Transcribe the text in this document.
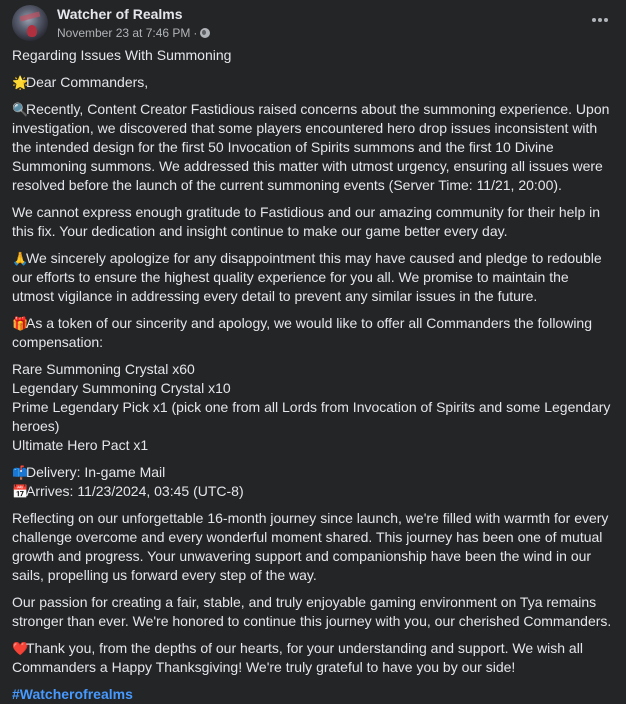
Watcher of Realms
November 23 at 7:46 PM ·

Regarding Issues With Summoning

🌟Dear Commanders,

🔍Recently, Content Creator Fastidious raised concerns about the summoning experience. Upon investigation, we discovered that some players encountered hero drop issues inconsistent with the intended design for the first 50 Invocation of Spirits summons and the first 10 Divine Summoning summons. We addressed this matter with utmost urgency, ensuring all issues were resolved before the launch of the current summoning events (Server Time: 11/21, 20:00).

We cannot express enough gratitude to Fastidious and our amazing community for their help in this fix. Your dedication and insight continue to make our game better every day.

🙏We sincerely apologize for any disappointment this may have caused and pledge to redouble our efforts to ensure the highest quality experience for you all. We promise to maintain the utmost vigilance in addressing every detail to prevent any similar issues in the future.

🎁As a token of our sincerity and apology, we would like to offer all Commanders the following compensation:

Rare Summoning Crystal x60
Legendary Summoning Crystal x10
Prime Legendary Pick x1 (pick one from all Lords from Invocation of Spirits and some Legendary heroes)
Ultimate Hero Pact x1

📫Delivery: In-game Mail
📅Arrives: 11/23/2024, 03:45 (UTC-8)

Reflecting on our unforgettable 16-month journey since launch, we're filled with warmth for every challenge overcome and every wonderful moment shared. This journey has been one of mutual growth and progress. Your unwavering support and companionship have been the wind in our sails, propelling us forward every step of the way.

Our passion for creating a fair, stable, and truly enjoyable gaming environment on Tya remains stronger than ever. We're honored to continue this journey with you, our cherished Commanders.

❤️Thank you, from the depths of our hearts, for your understanding and support. We wish all Commanders a Happy Thanksgiving! We're truly grateful to have you by our side!

#Watcherofrealms
